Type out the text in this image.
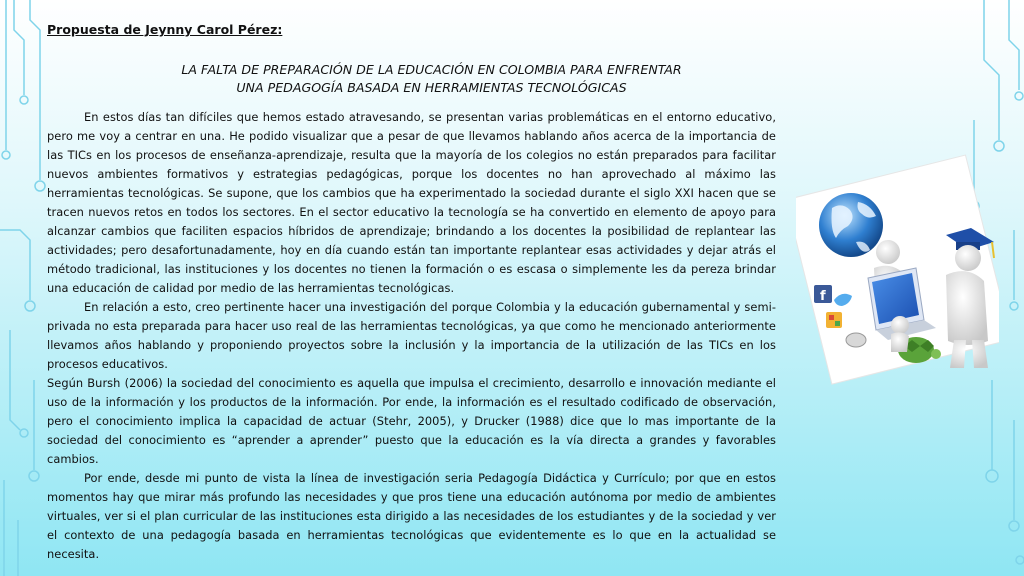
Propuesta de Jeynny Carol Pérez:

LA FALTA DE PREPARACIÓN DE LA EDUCACIÓN EN COLOMBIA PARA ENFRENTAR
UNA PEDAGOGÍA BASADA EN HERRAMIENTAS TECNOLÓGICAS

En estos días tan difíciles que hemos estado atravesando, se presentan varias problemáticas en el entorno educativo, pero me voy a centrar en una. He podido visualizar que a pesar de que llevamos hablando años acerca de la importancia de las TICs en los procesos de enseñanza-aprendizaje, resulta que la mayoría de los colegios no están preparados para facilitar nuevos ambientes formativos y estrategias pedagógicas, porque los docentes no han aprovechado al máximo las herramientas tecnológicas. Se supone, que los cambios que ha experimentado la sociedad durante el siglo XXI hacen que se tracen nuevos retos en todos los sectores. En el sector educativo la tecnología se ha convertido en elemento de apoyo para alcanzar cambios que faciliten espacios híbridos de aprendizaje; brindando a los docentes la posibilidad de replantear las actividades; pero desafortunadamente, hoy en día cuando están tan importante replantear esas actividades y dejar atrás el método tradicional, las instituciones y los docentes no tienen la formación o es escasa o simplemente les da pereza brindar una educación de calidad por medio de las herramientas tecnológicas.

En relación a esto, creo pertinente hacer una investigación del porque Colombia y la educación gubernamental y semi-privada no esta preparada para hacer uso real de las herramientas tecnológicas, ya que como he mencionado anteriormente llevamos años hablando y proponiendo proyectos sobre la inclusión y la importancia de la utilización de las TICs en los procesos educativos.

Según Bursh (2006) la sociedad del conocimiento es aquella que impulsa el crecimiento, desarrollo e innovación mediante el uso de la información y los productos de la información. Por ende, la información es el resultado codificado de observación, pero el conocimiento implica la capacidad de actuar (Stehr, 2005), y Drucker (1988) dice que lo mas importante de la sociedad del conocimiento es “aprender a aprender” puesto que la educación es la vía directa a grandes y favorables cambios.

Por ende, desde mi punto de vista la línea de investigación seria Pedagogía Didáctica y Currículo; por que en estos momentos hay que mirar más profundo las necesidades y que pros tiene una educación autónoma por medio de ambientes virtuales, ver si el plan curricular de las instituciones esta dirigido a las necesidades de los estudiantes y de la sociedad y ver el contexto de una pedagogía basada en herramientas tecnológicas que evidentemente es lo que en la actualidad se necesita.

f
